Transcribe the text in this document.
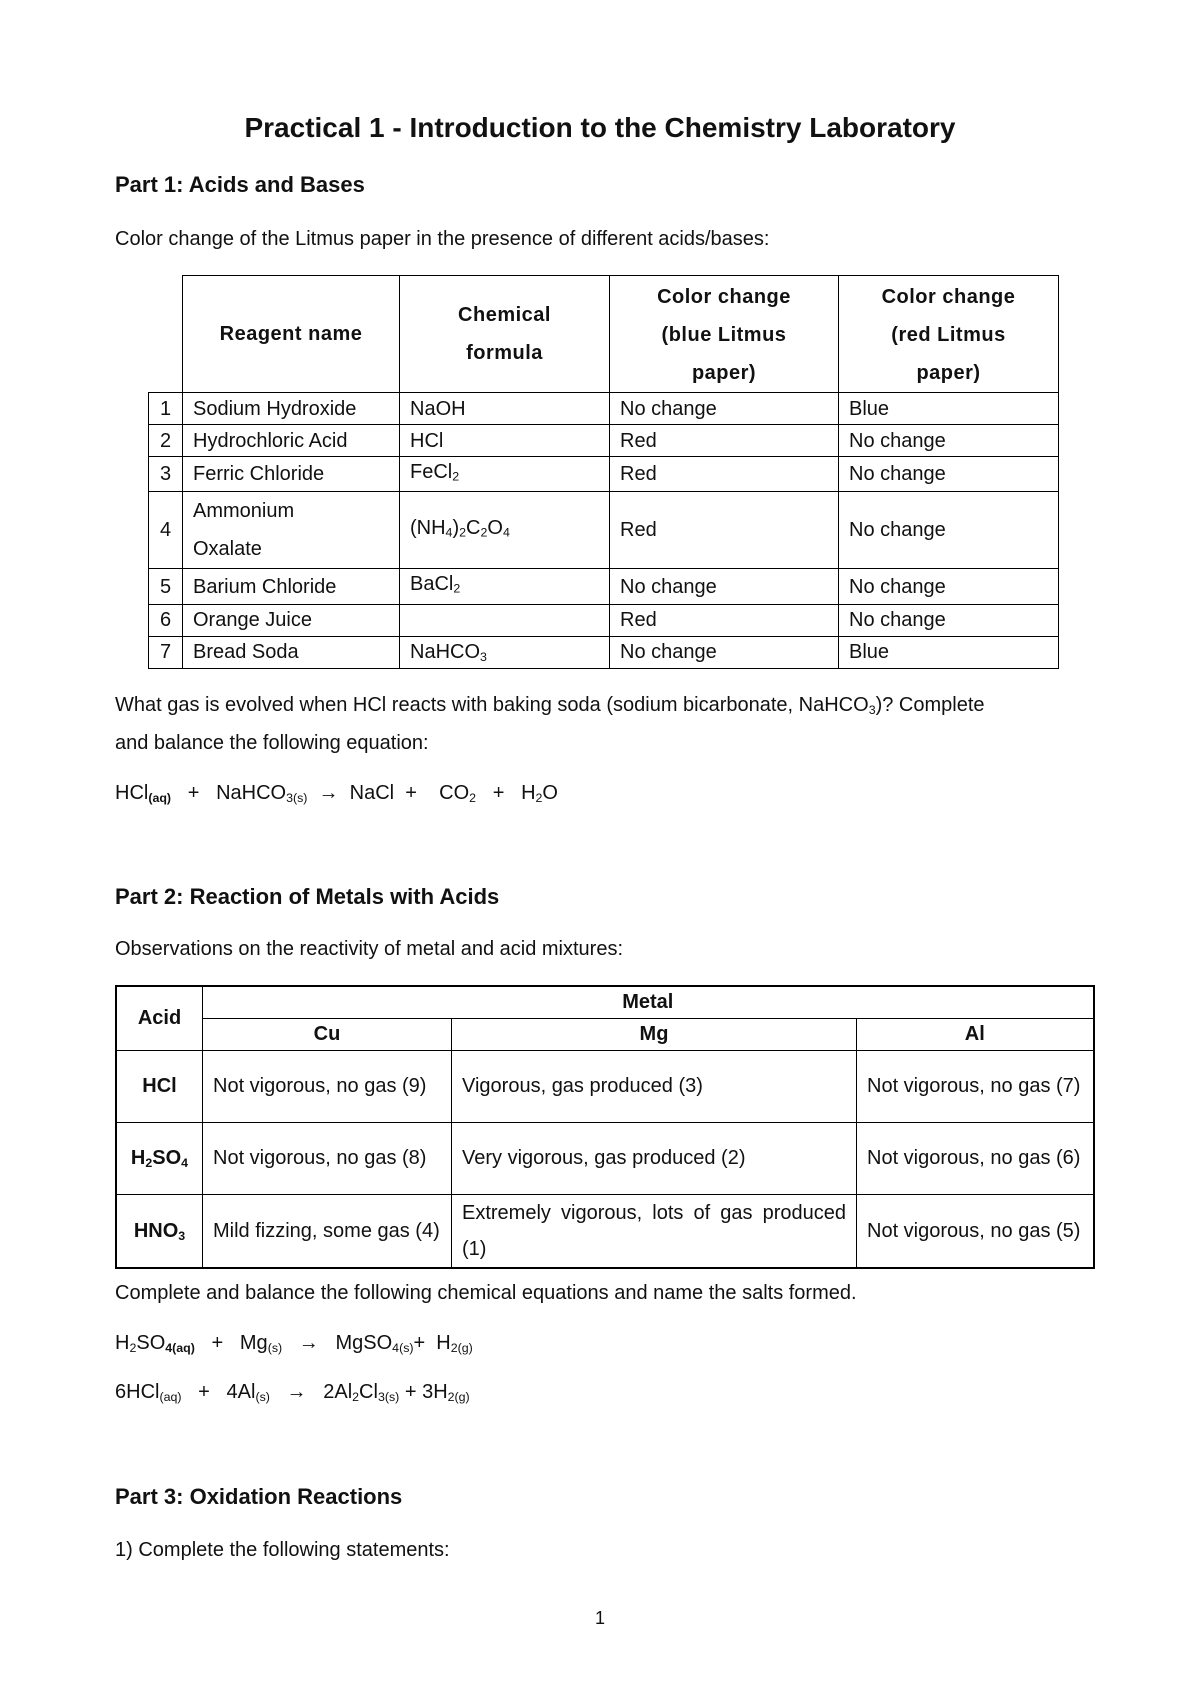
Practical 1 - Introduction to the Chemistry Laboratory
Part 1: Acids and Bases
Color change of the Litmus paper in the presence of different acids/bases:
	Reagent name	Chemical
formula	Color change
(blue Litmus
paper)	Color change
(red Litmus
paper)
1	Sodium Hydroxide	NaOH	No change	Blue
2	Hydrochloric Acid	HCl	Red	No change
3	Ferric Chloride	FeCl2	Red	No change
4	Ammonium
Oxalate	(NH4)2C2O4	Red	No change
5	Barium Chloride	BaCl2	No change	No change
6	Orange Juice		Red	No change
7	Bread Soda	NaHCO$_3$	No change	Blue
What gas is evolved when HCl reacts with baking soda (sodium bicarbonate, NaHCO$_3$)? Complete
and balance the following equation:
HCl$_{(aq)}$   +   NaHCO$_{3(s)}$  →  NaCl  +    $CO_2 + H_2O$
Part 2: Reaction of Metals with Acids
Observations on the reactivity of metal and acid mixtures:
Acid	Metal		
	Cu	Mg	Al
HCl	Not vigorous, no gas (9)	Vigorous, gas produced (3)	Not vigorous, no gas (7)
$H_2SO_4$	Not vigorous, no gas (8)	Very vigorous, gas produced (2)	Not vigorous, no gas (6)
$HNO_3$	Mild fizzing, some gas (4)	Extremely vigorous, lots of gas produced (1)	Not vigorous, no gas (5)
Complete and balance the following chemical equations and name the salts formed.
$H_2SO_{4(aq)} + Mg_{(s)}$   →   MgSO$_{4(s)}$+  $H_{2(g)}$
$6HCl_{(aq)} + 4Al_{(s)} \to 2Al_2Cl_{3(s)} + 3H_{2(g)}$
Part 3: Oxidation Reactions
1) Complete the following statements:
1
